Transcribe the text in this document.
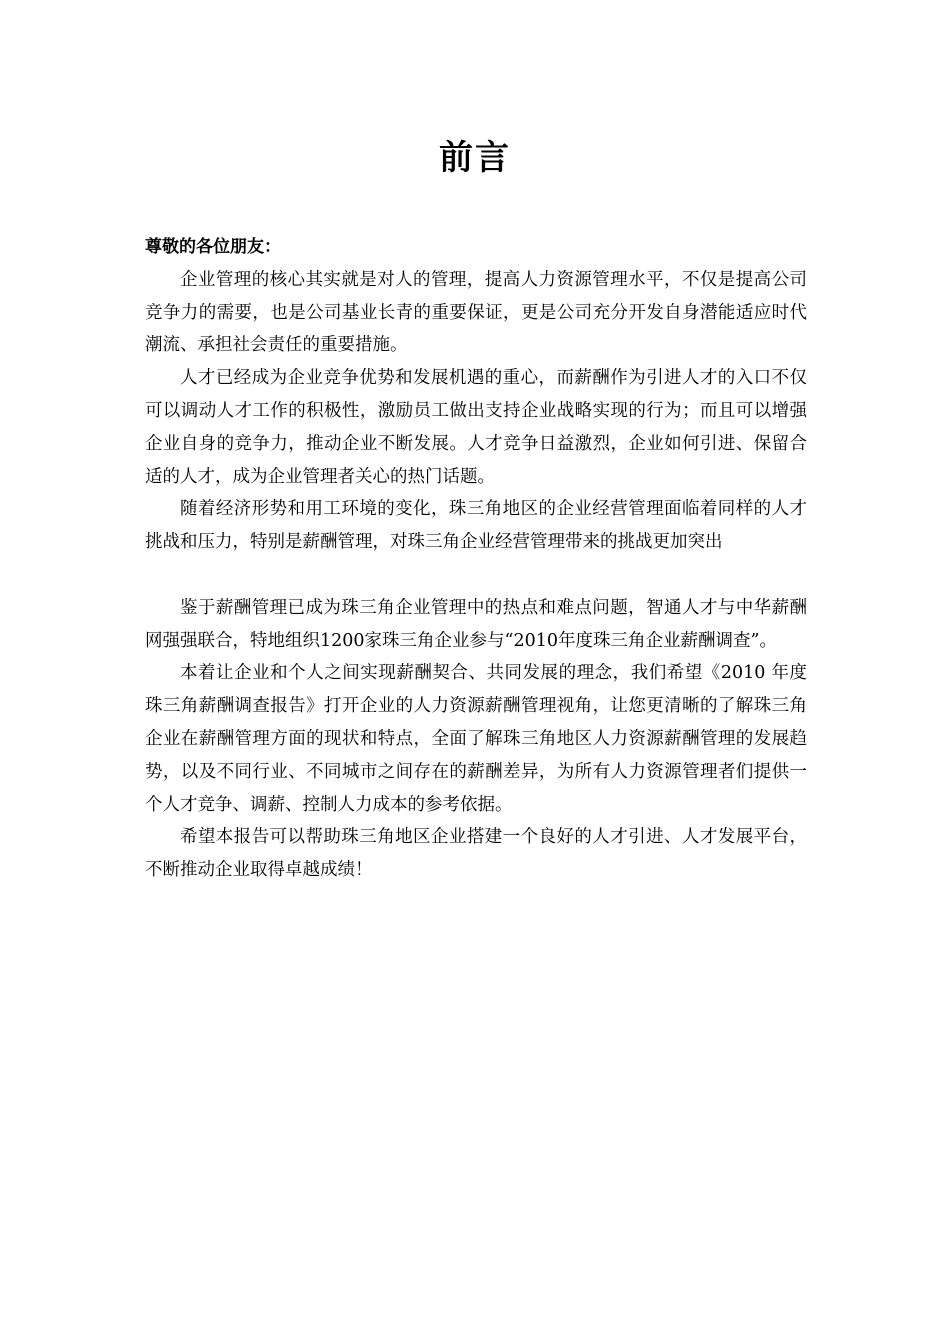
前言

尊敬的各位朋友：

企业管理的核心其实就是对人的管理，提高人力资源管理水平，不仅是提高公司竞争力的需要，也是公司基业长青的重要保证，更是公司充分开发自身潜能适应时代潮流、承担社会责任的重要措施。

人才已经成为企业竞争优势和发展机遇的重心，而薪酬作为引进人才的入口不仅可以调动人才工作的积极性，激励员工做出支持企业战略实现的行为；而且可以增强企业自身的竞争力，推动企业不断发展。人才竞争日益激烈，企业如何引进、保留合适的人才，成为企业管理者关心的热门话题。

随着经济形势和用工环境的变化，珠三角地区的企业经营管理面临着同样的人才挑战和压力，特别是薪酬管理，对珠三角企业经营管理带来的挑战更加突出

鉴于薪酬管理已成为珠三角企业管理中的热点和难点问题，智通人才与中华薪酬网强强联合，特地组织1200家珠三角企业参与“2010年度珠三角企业薪酬调查”。

本着让企业和个人之间实现薪酬契合、共同发展的理念，我们希望《2010 年度珠三角薪酬调查报告》打开企业的人力资源薪酬管理视角，让您更清晰的了解珠三角企业在薪酬管理方面的现状和特点，全面了解珠三角地区人力资源薪酬管理的发展趋势，以及不同行业、不同城市之间存在的薪酬差异，为所有人力资源管理者们提供一个人才竞争、调薪、控制人力成本的参考依据。

希望本报告可以帮助珠三角地区企业搭建一个良好的人才引进、人才发展平台，不断推动企业取得卓越成绩！
